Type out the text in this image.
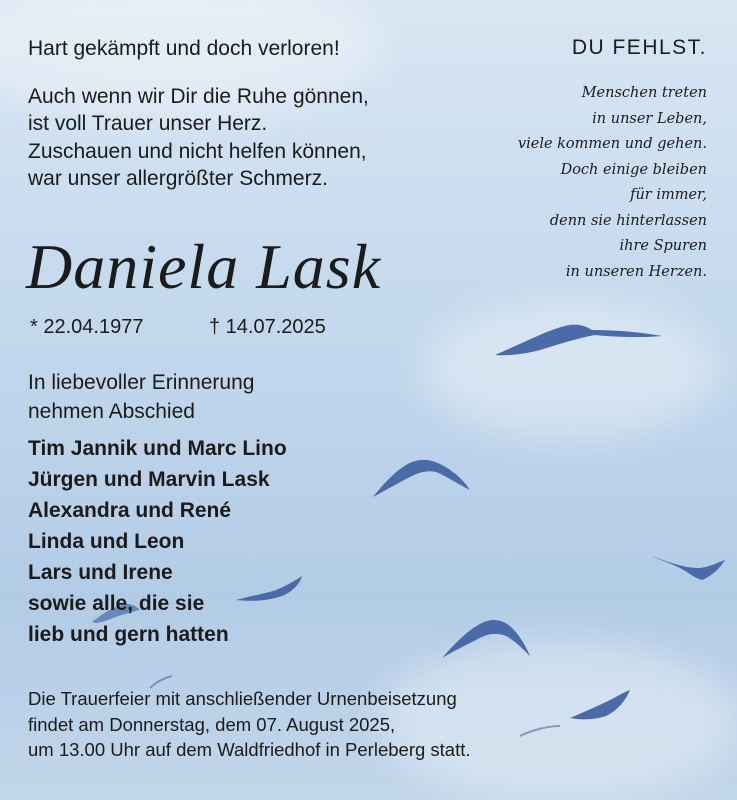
Hart gekämpft und doch verloren!
Auch wenn wir Dir die Ruhe gönnen,
ist voll Trauer unser Herz.
Zuschauen und nicht helfen können,
war unser allergrößter Schmerz.
DU FEHLST.
Menschen treten
in unser Leben,
viele kommen und gehen.
Doch einige bleiben
für immer,
denn sie hinterlassen
ihre Spuren
in unseren Herzen.
Daniela Lask
* 22.04.1977	† 14.07.2025
In liebevoller Erinnerung
nehmen Abschied
Tim Jannik und Marc Lino
Jürgen und Marvin Lask
Alexandra und René
Linda und Leon
Lars und Irene
sowie alle, die sie
lieb und gern hatten
Die Trauerfeier mit anschließender Urnenbeisetzung
findet am Donnerstag, dem 07. August 2025,
um 13.00 Uhr auf dem Waldfriedhof in Perleberg statt.
